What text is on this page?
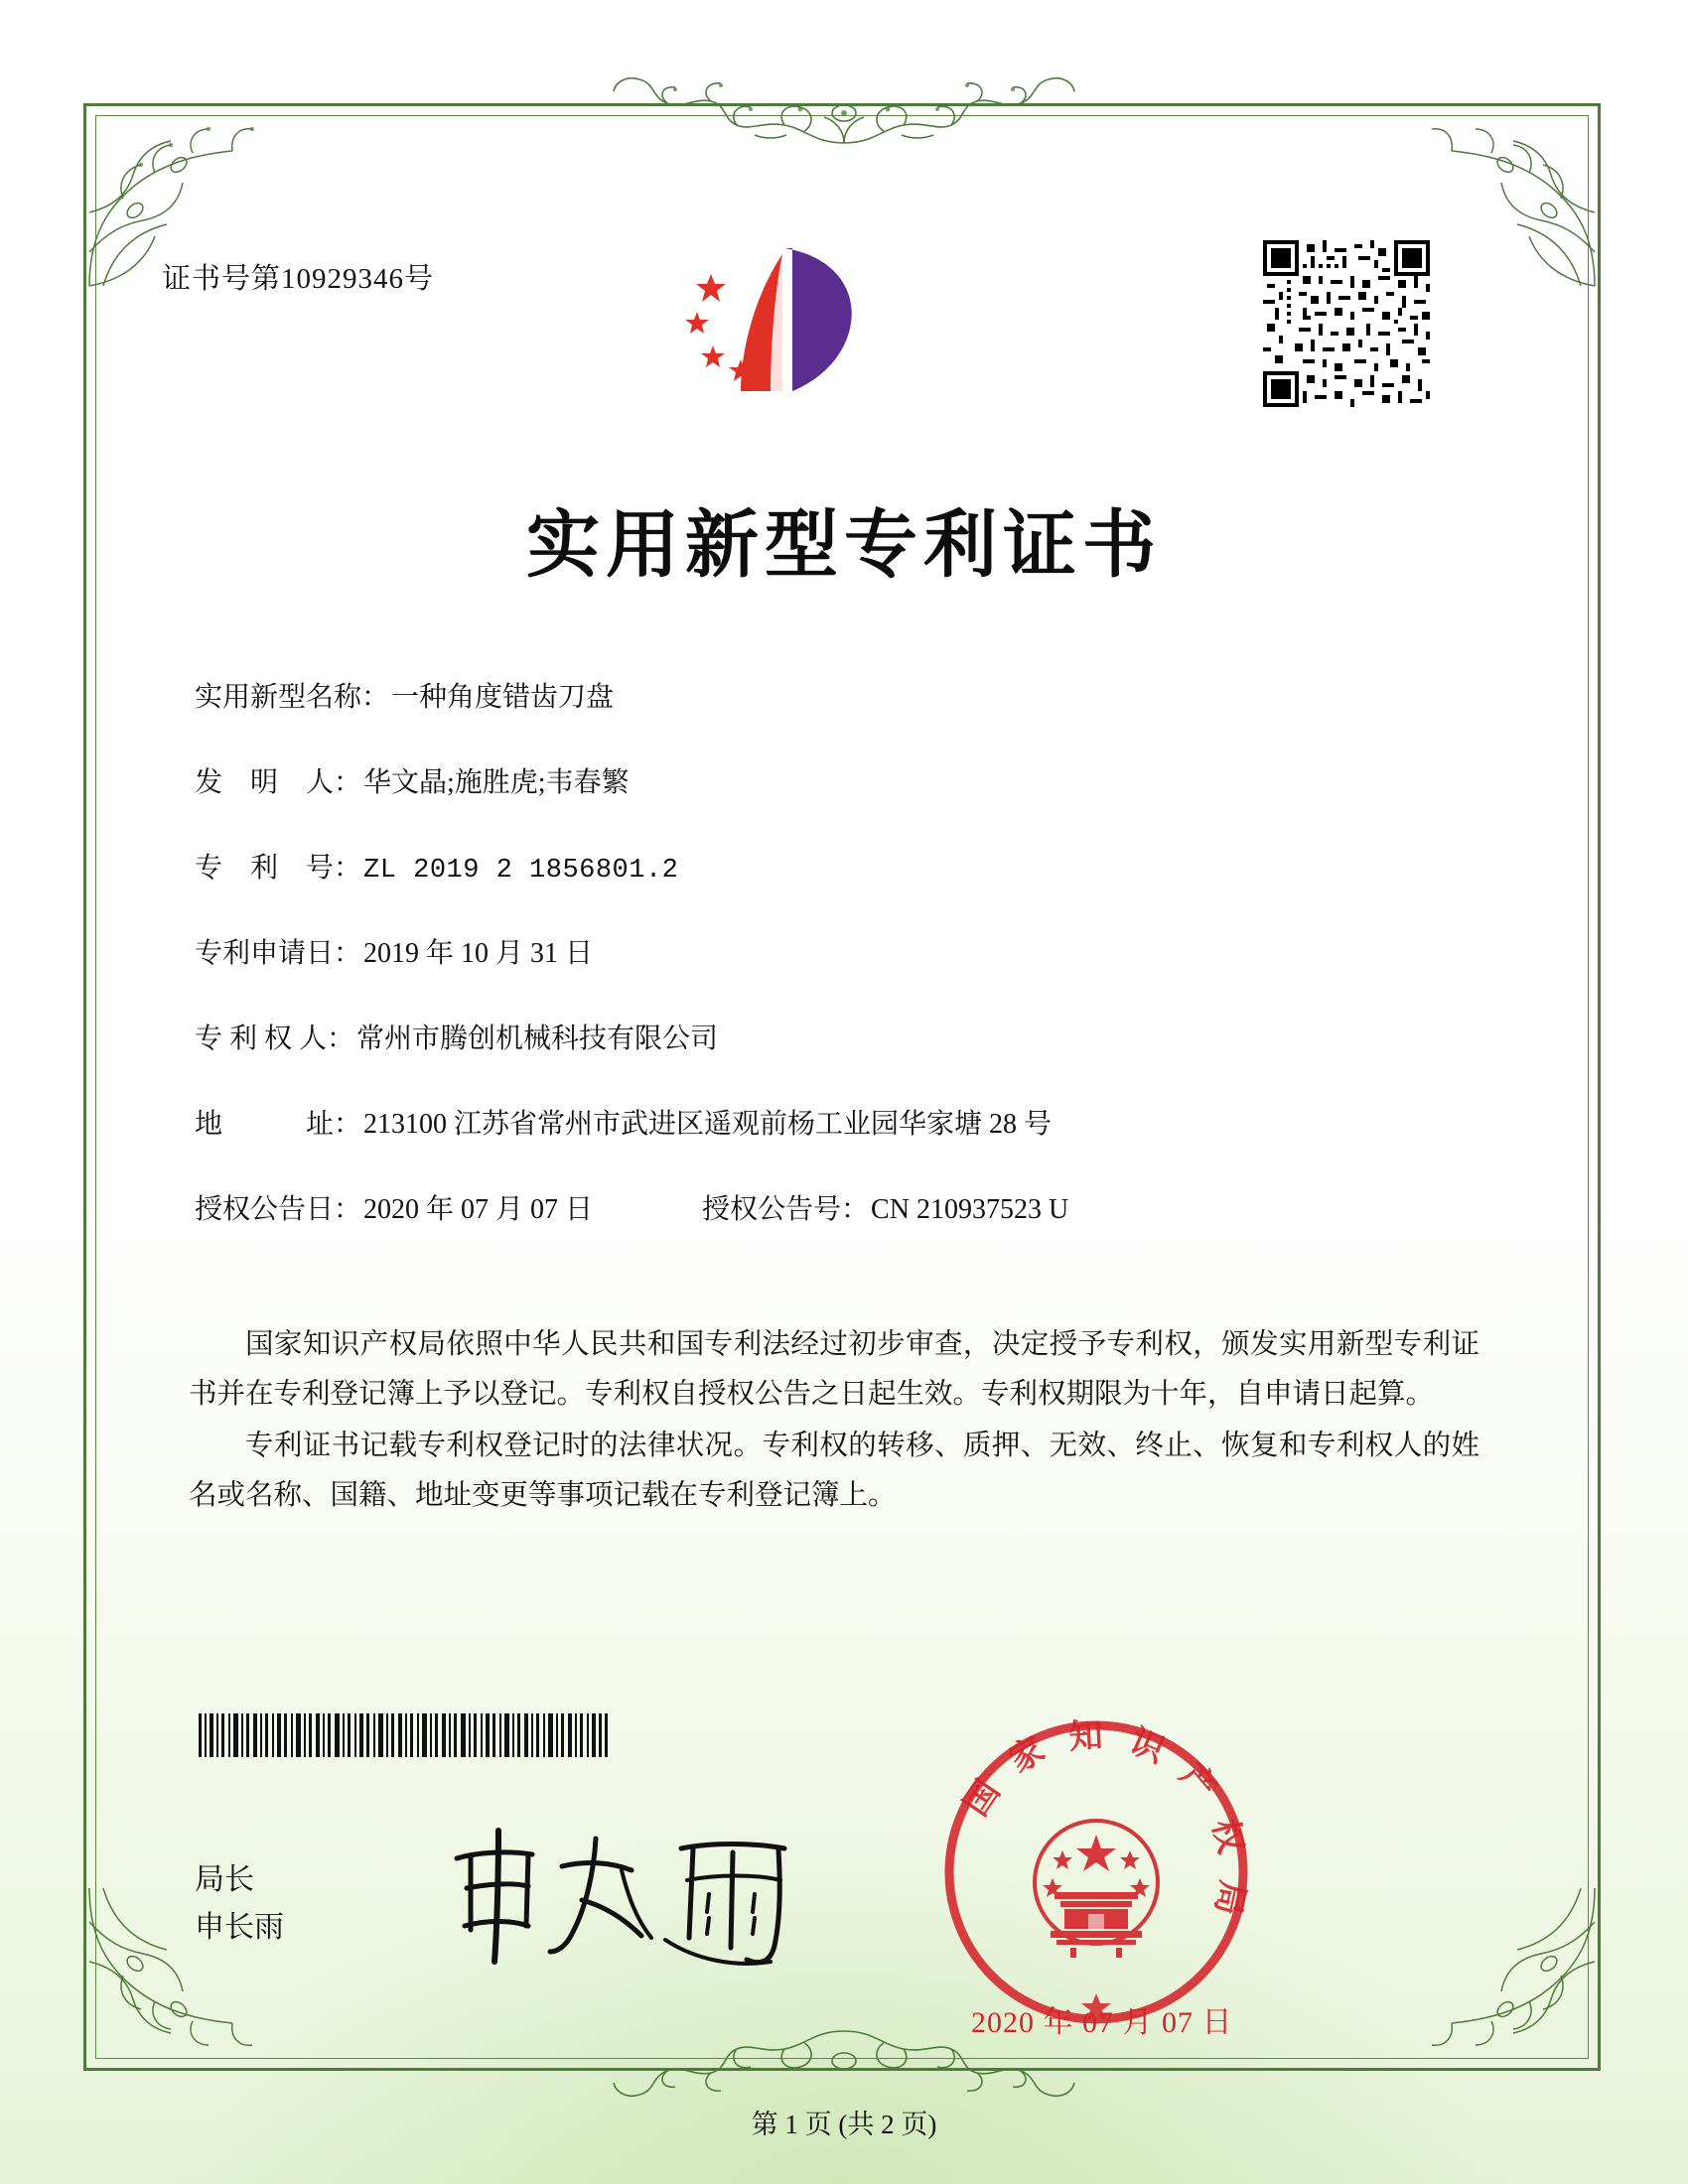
证书号第10929346号
实用新型专利证书
实用新型名称： 一种角度错齿刀盘
发　明　人： 华文晶;施胜虎;韦春繁
专　利　号： ZL 2019 2 1856801.2
专利申请日： 2019 年 10 月 31 日
专 利 权 人： 常州市腾创机械科技有限公司
地　　　址： 213100 江苏省常州市武进区遥观前杨工业园华家塘 28 号
授权公告日： 2020 年 07 月 07 日	授权公告号： CN 210937523 U

国家知识产权局依照中华人民共和国专利法经过初步审查，决定授予专利权，颁发实用新型专利证书并在专利登记簿上予以登记。专利权自授权公告之日起生效。专利权期限为十年，自申请日起算。

专利证书记载专利权登记时的法律状况。专利权的转移、质押、无效、终止、恢复和专利权人的姓名或名称、国籍、地址变更等事项记载在专利登记簿上。

局长
申长雨
国 家 知 识 产 权 局
2020 年 07 月 07 日
第 1 页 (共 2 页)
